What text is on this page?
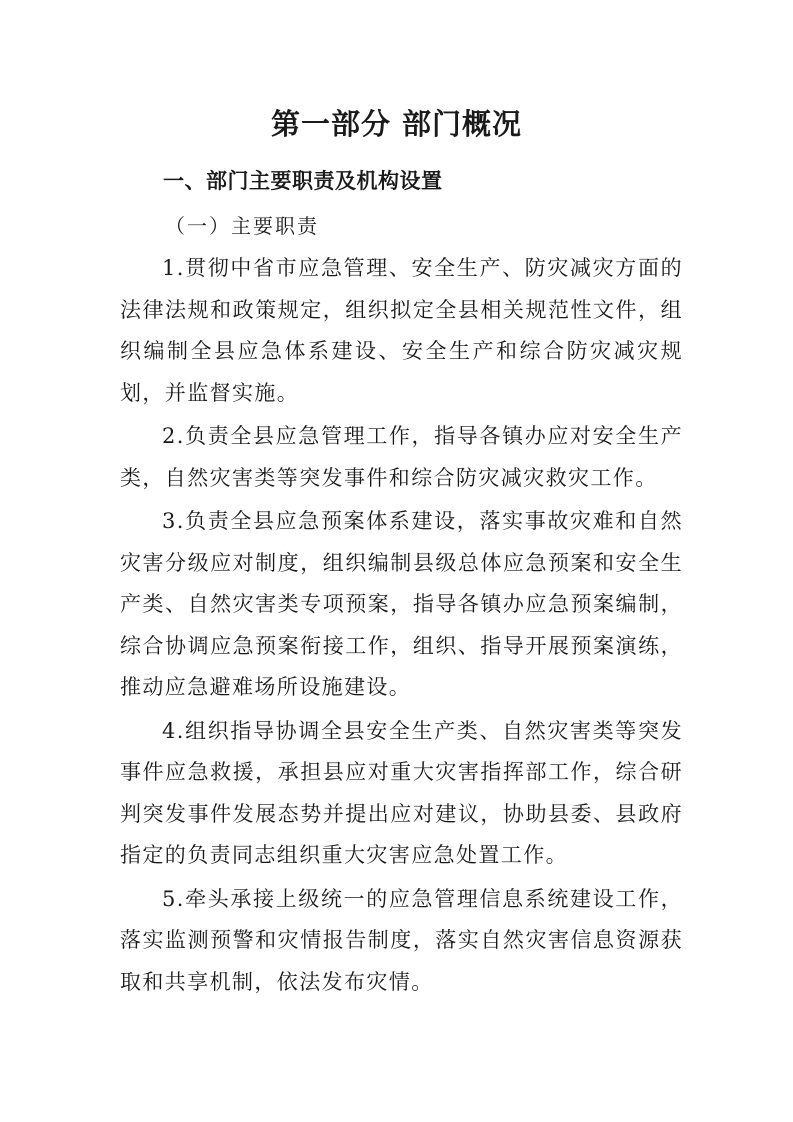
第一部分 部门概况
一、部门主要职责及机构设置
（一）主要职责

1.贯彻中省市应急管理、安全生产、防灾减灾方面的法律法规和政策规定，组织拟定全县相关规范性文件，组织编制全县应急体系建设、安全生产和综合防灾减灾规划，并监督实施。

2.负责全县应急管理工作，指导各镇办应对安全生产类，自然灾害类等突发事件和综合防灾减灾救灾工作。

3.负责全县应急预案体系建设，落实事故灾难和自然灾害分级应对制度，组织编制县级总体应急预案和安全生产类、自然灾害类专项预案，指导各镇办应急预案编制，综合协调应急预案衔接工作，组织、指导开展预案演练，推动应急避难场所设施建设。

4.组织指导协调全县安全生产类、自然灾害类等突发事件应急救援，承担县应对重大灾害指挥部工作，综合研判突发事件发展态势并提出应对建议，协助县委、县政府指定的负责同志组织重大灾害应急处置工作。

5.牵头承接上级统一的应急管理信息系统建设工作，落实监测预警和灾情报告制度，落实自然灾害信息资源获取和共享机制，依法发布灾情。
